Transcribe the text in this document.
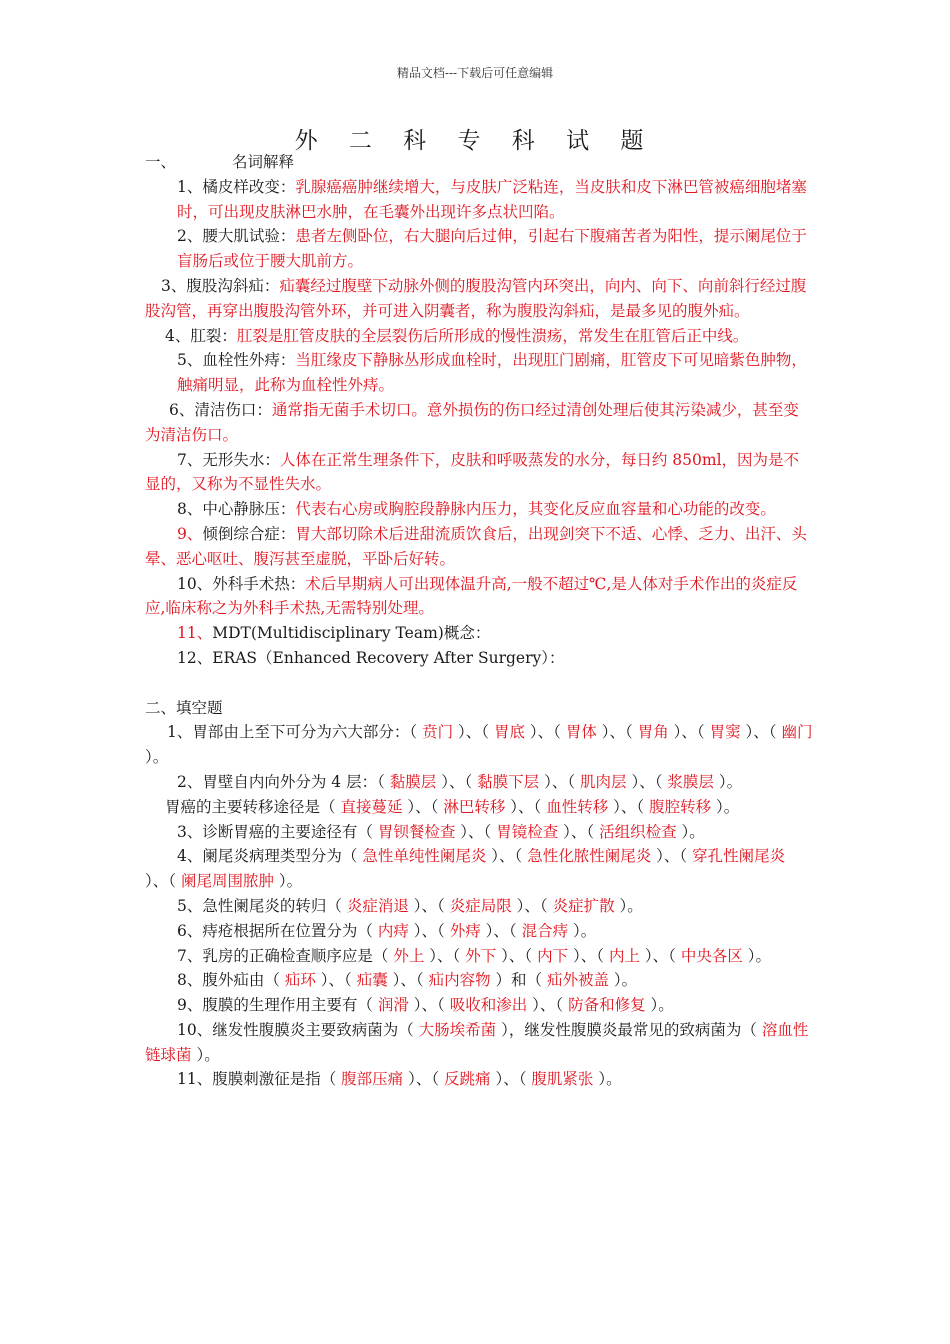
精品文档---下载后可任意编辑
外 二 科 专 科 试 题

一、	名词解释

1、橘皮样改变：乳腺癌癌肿继续增大，与皮肤广泛粘连，当皮肤和皮下淋巴管被癌细胞堵塞时，可出现皮肤淋巴水肿，在毛囊外出现许多点状凹陷。

2、腰大肌试验：患者左侧卧位，右大腿向后过伸，引起右下腹痛苦者为阳性，提示阑尾位于盲肠后或位于腰大肌前方。

3、腹股沟斜疝：疝囊经过腹壁下动脉外侧的腹股沟管内环突出，向内、向下、向前斜行经过腹股沟管，再穿出腹股沟管外环，并可进入阴囊者，称为腹股沟斜疝，是最多见的腹外疝。

4、肛裂：肛裂是肛管皮肤的全层裂伤后所形成的慢性溃疡，常发生在肛管后正中线。

5、血栓性外痔：当肛缘皮下静脉丛形成血栓时，出现肛门剧痛，肛管皮下可见暗紫色肿物，触痛明显，此称为血栓性外痔。

6、清洁伤口：通常指无菌手术切口。意外损伤的伤口经过清创处理后使其污染减少，甚至变为清洁伤口。

7、无形失水：人体在正常生理条件下，皮肤和呼吸蒸发的水分，每日约 850ml，因为是不显的，又称为不显性失水。

8、中心静脉压：代表右心房或胸腔段静脉内压力，其变化反应血容量和心功能的改变。

9、倾倒综合症：胃大部切除术后进甜流质饮食后，出现剑突下不适、心悸、乏力、出汗、头晕、恶心呕吐、腹泻甚至虚脱，平卧后好转。

10、外科手术热：术后早期病人可出现体温升高,一般不超过℃,是人体对手术作出的炎症反应,临床称之为外科手术热,无需特别处理。

11、MDT(Multidisciplinary Team)概念：

12、ERAS（Enhanced Recovery After Surgery）：

二、填空题

1、胃部由上至下可分为六大部分：（ 贲门 ）、（ 胃底 ）、（ 胃体 ）、（ 胃角 ）、（ 胃窦 ）、（ 幽门 ）。

2、胃壁自内向外分为 4 层：（ 黏膜层 ）、（ 黏膜下层 ）、（ 肌肉层 ）、（ 浆膜层 ）。

胃癌的主要转移途径是（ 直接蔓延 ）、（ 淋巴转移 ）、（ 血性转移 ）、（ 腹腔转移 ）。

3、诊断胃癌的主要途径有（ 胃钡餐检查 ）、（ 胃镜检查 ）、（ 活组织检查 ）。

4、阑尾炎病理类型分为（ 急性单纯性阑尾炎 ）、（ 急性化脓性阑尾炎 ）、（ 穿孔性阑尾炎 ）、（ 阑尾周围脓肿 ）。

5、急性阑尾炎的转归（ 炎症消退 ）、（ 炎症局限 ）、（ 炎症扩散 ）。

6、痔疮根据所在位置分为（ 内痔 ）、（ 外痔 ）、（ 混合痔 ）。

7、乳房的正确检查顺序应是（ 外上 ）、（ 外下 ）、（ 内下 ）、（ 内上 ）、（ 中央各区 ）。

8、腹外疝由（ 疝环 ）、（ 疝囊 ）、（ 疝内容物 ）和（ 疝外被盖 ）。

9、腹膜的生理作用主要有（ 润滑 ）、（ 吸收和渗出 ）、（ 防备和修复 ）。

10、继发性腹膜炎主要致病菌为（ 大肠埃希菌 ），继发性腹膜炎最常见的致病菌为（ 溶血性链球菌 ）。

11、腹膜刺激征是指（ 腹部压痛 ）、（ 反跳痛 ）、（ 腹肌紧张 ）。
